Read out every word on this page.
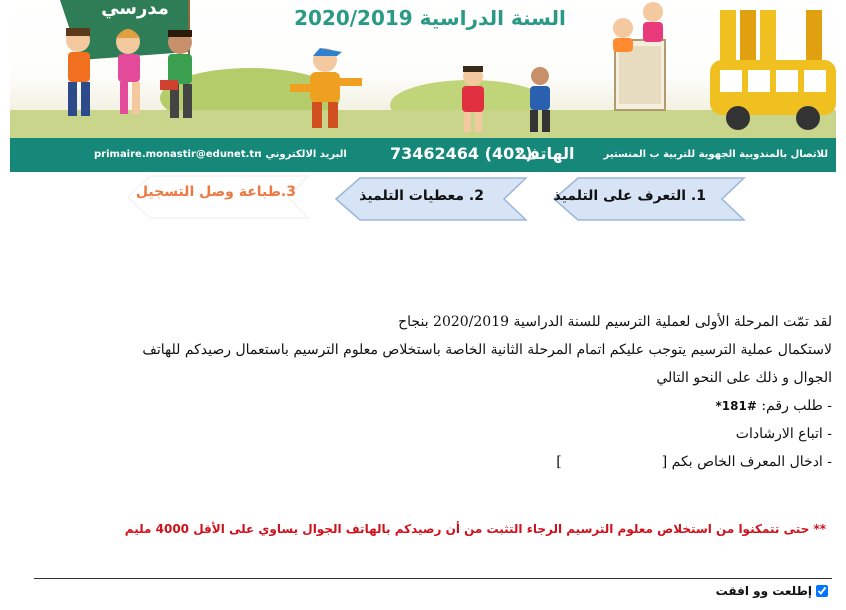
مدرسي	السنة الدراسية 2020/2019
للاتصال بالمندوبية الجهوية للتربية ب المنستير
الهاتف:
73462464 (402)
البريد الالكتروني :
primaire.monastir@edunet.tn
1. التعرف على التلميذ
2. معطيات التلميذ
3.طباعة وصل التسجيل
لقد تمّت المرحلة الأولى لعملية الترسيم للسنة الدراسية 2020/2019 بنجاح
لاستكمال عملية الترسيم يتوجب عليكم اتمام المرحلة الثانية الخاصة باستخلاص معلوم الترسيم باستعمال رصيدكم للهاتف
الجوال و ذلك على النحو التالي
- طلب رقم: #181*
- اتباع الارشادات
- ادخال المعرف الخاص بكم []
** حتى تتمكنوا من استخلاص معلوم الترسيم الرجاء التثبت من أن رصيدكم بالهاتف الجوال يساوي على الأقل 4000 مليم
إطلعت وو افقت
